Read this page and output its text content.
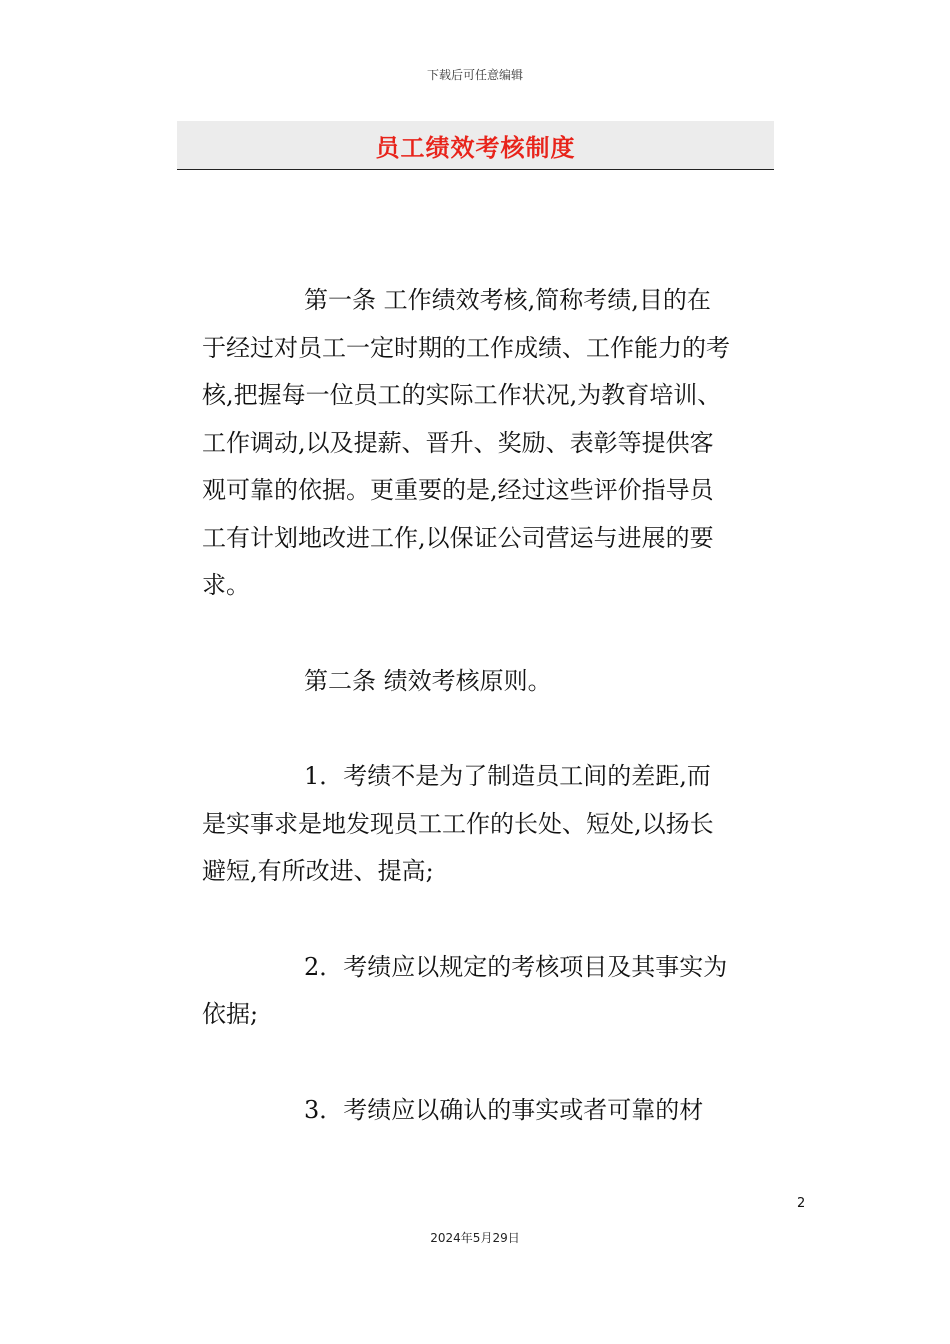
下载后可任意编辑
员工绩效考核制度

第一条 工作绩效考核,简称考绩,目的在于经过对员工一定时期的工作成绩、工作能力的考核,把握每一位员工的实际工作状况,为教育培训、工作调动,以及提薪、晋升、奖励、表彰等提供客观可靠的依据。更重要的是,经过这些评价指导员工有计划地改进工作,以保证公司营运与进展的要求。

第二条 绩效考核原则。

1．考绩不是为了制造员工间的差距,而是实事求是地发现员工工作的长处、短处,以扬长避短,有所改进、提高;

2．考绩应以规定的考核项目及其事实为依据;

3．考绩应以确认的事实或者可靠的材

2
2024年5月29日
